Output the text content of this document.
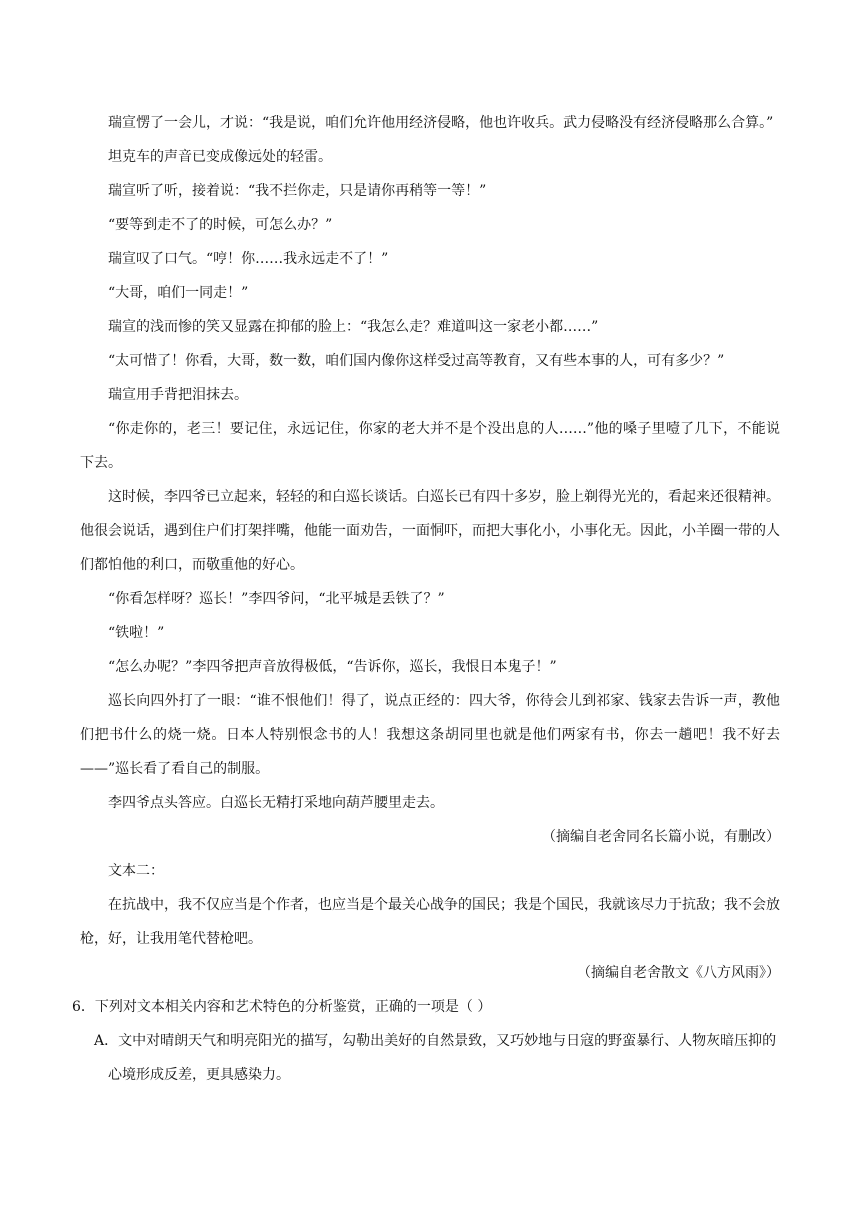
瑞宣愣了一会儿，才说：“我是说，咱们允许他用经济侵略，他也许收兵。武力侵略没有经济侵略那么合算。”

坦克车的声音已变成像远处的轻雷。

瑞宣听了听，接着说：“我不拦你走，只是请你再稍等一等！”

“要等到走不了的时候，可怎么办？”

瑞宣叹了口气。“哼！你……我永远走不了！”

“大哥，咱们一同走！”

瑞宣的浅而惨的笑又显露在抑郁的脸上：“我怎么走？难道叫这一家老小都……”

“太可惜了！你看，大哥，数一数，咱们国内像你这样受过高等教育，又有些本事的人，可有多少？”

瑞宣用手背把泪抹去。

“你走你的，老三！要记住，永远记住，你家的老大并不是个没出息的人……”他的嗓子里噎了几下，不能说下去。

这时候，李四爷已立起来，轻轻的和白巡长谈话。白巡长已有四十多岁，脸上剃得光光的，看起来还很精神。他很会说话，遇到住户们打架拌嘴，他能一面劝告，一面恫吓，而把大事化小，小事化无。因此，小羊圈一带的人们都怕他的利口，而敬重他的好心。

“你看怎样呀？巡长！”李四爷问，“北平城是丢铁了？”

“铁啦！”

“怎么办呢？”李四爷把声音放得极低，“告诉你，巡长，我恨日本鬼子！”

巡长向四外打了一眼：“谁不恨他们！得了，说点正经的：四大爷，你待会儿到祁家、钱家去告诉一声，教他们把书什么的烧一烧。日本人特别恨念书的人！我想这条胡同里也就是他们两家有书，你去一趟吧！我不好去——”巡长看了看自己的制服。

李四爷点头答应。白巡长无精打采地向葫芦腰里走去。

（摘编自老舍同名长篇小说，有删改）

文本二：

在抗战中，我不仅应当是个作者，也应当是个最关心战争的国民；我是个国民，我就该尽力于抗敌；我不会放枪，好，让我用笔代替枪吧。

（摘编自老舍散文《八方风雨》）

6．下列对文本相关内容和艺术特色的分析鉴赏，正确的一项是（ ）

A．文中对晴朗天气和明亮阳光的描写，勾勒出美好的自然景致，又巧妙地与日寇的野蛮暴行、人物灰暗压抑的心境形成反差，更具感染力。
